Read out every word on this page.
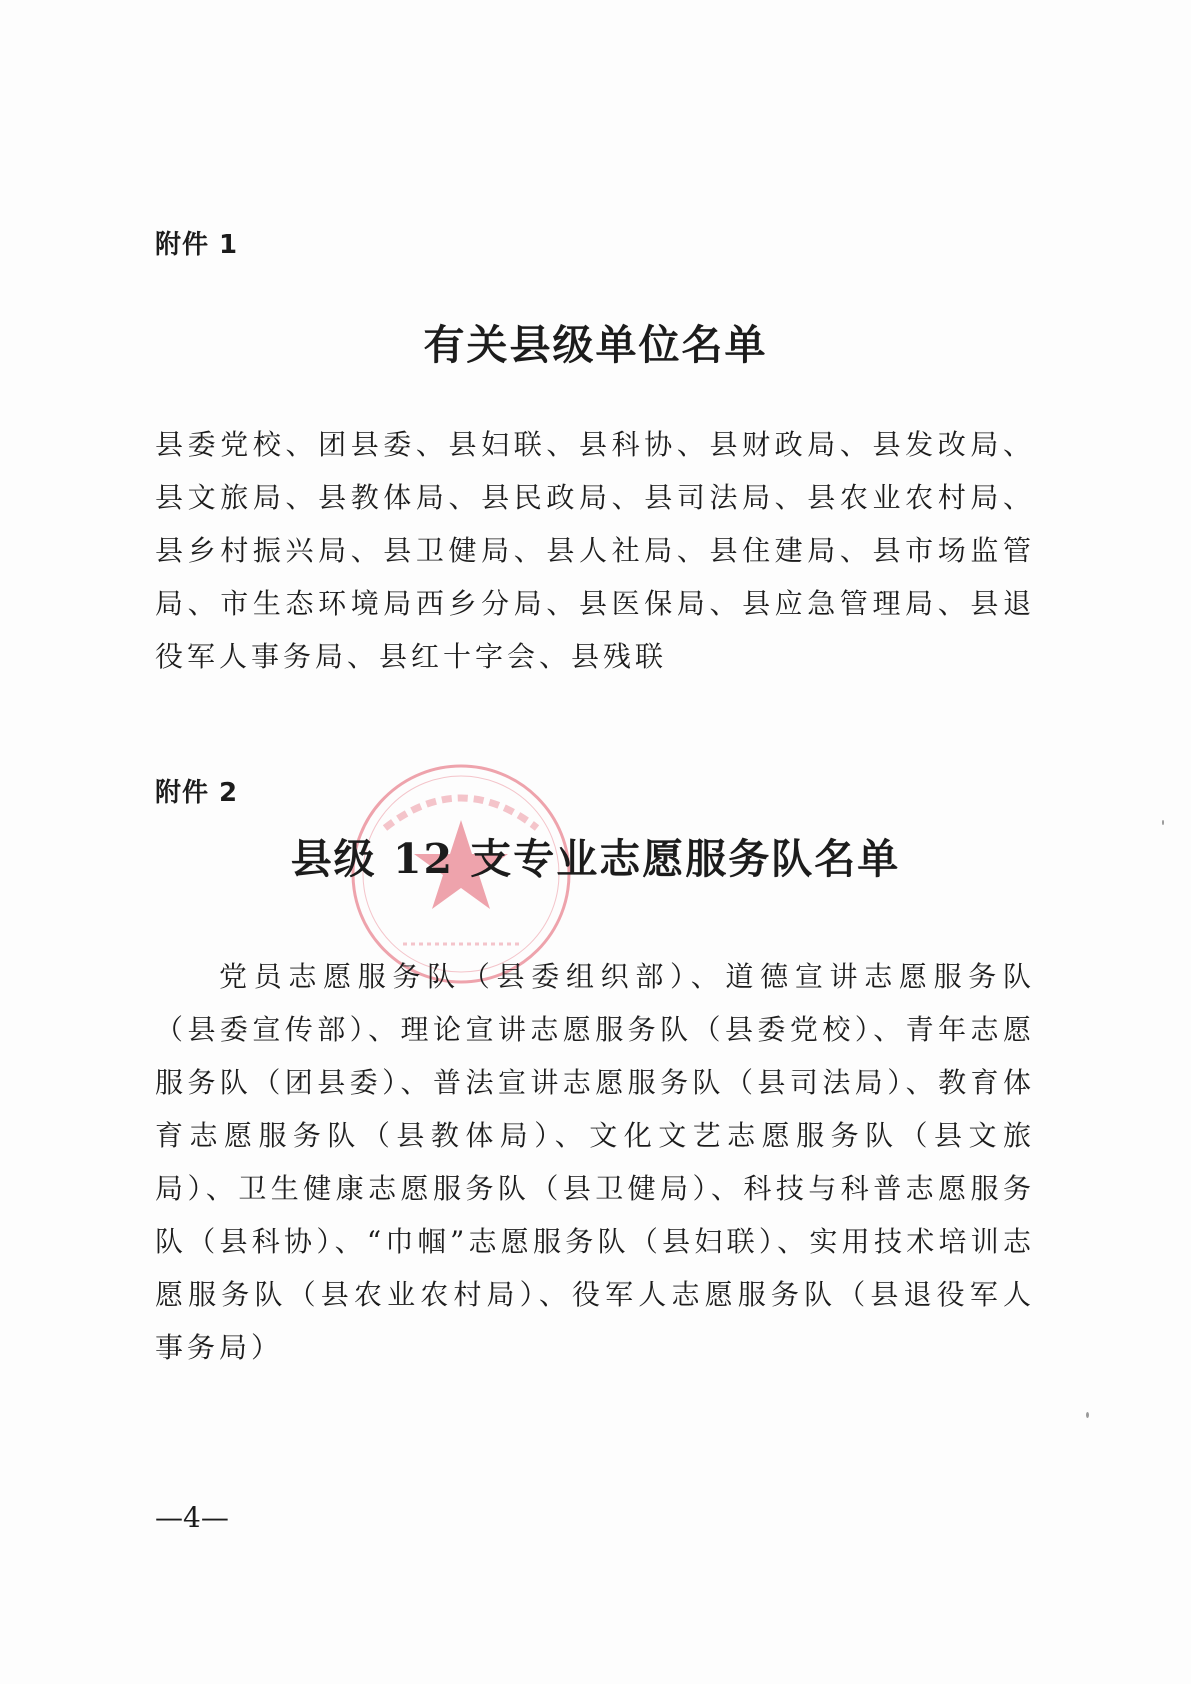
附件 1
有关县级单位名单
县委党校、团县委、县妇联、县科协、县财政局、县发改局、县文旅局、县教体局、县民政局、县司法局、县农业农村局、县乡村振兴局、县卫健局、县人社局、县住建局、县市场监管局、市生态环境局西乡分局、县医保局、县应急管理局、县退役军人事务局、县红十字会、县残联
附件 2
县级 12 支专业志愿服务队名单
党员志愿服务队（县委组织部）、道德宣讲志愿服务队（县委宣传部）、理论宣讲志愿服务队（县委党校）、青年志愿服务队（团县委）、普法宣讲志愿服务队（县司法局）、教育体育志愿服务队（县教体局）、文化文艺志愿服务队（县文旅局）、卫生健康志愿服务队（县卫健局）、科技与科普志愿服务队（县科协）、“巾帼”志愿服务队（县妇联）、实用技术培训志愿服务队（县农业农村局）、役军人志愿服务队（县退役军人事务局）
—4—
